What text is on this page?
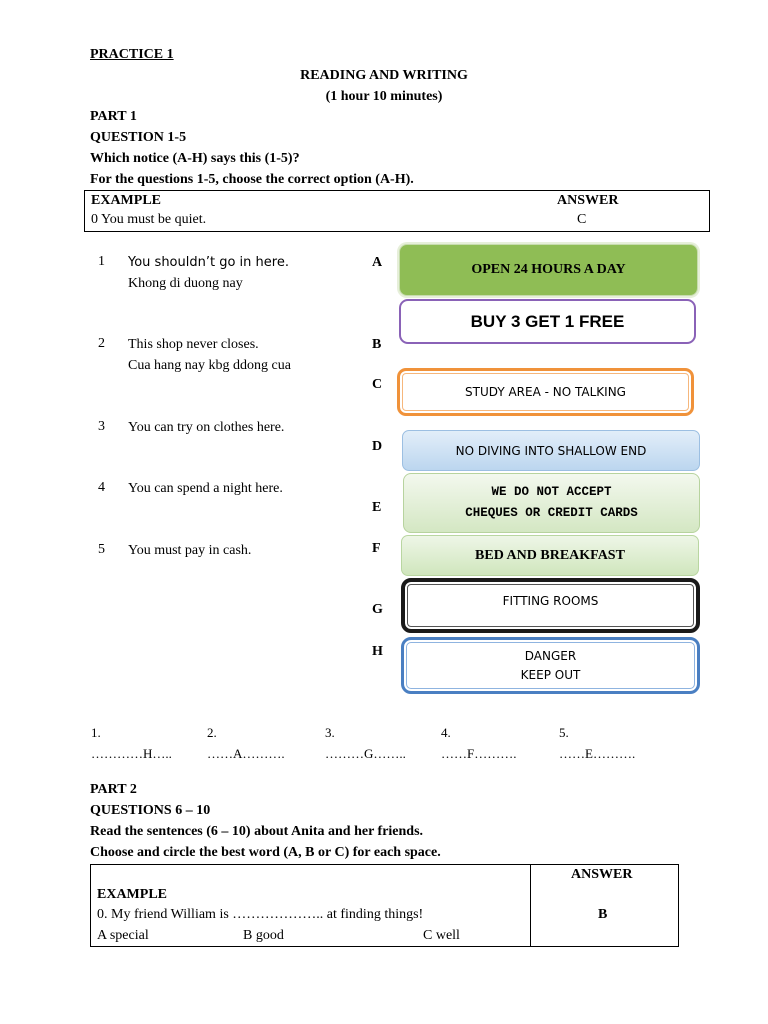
PRACTICE 1
READING AND WRITING
(1 hour 10 minutes)
PART 1
QUESTION 1-5
Which notice (A-H) says this (1-5)?
For the questions 1-5, choose the correct option (A-H).
EXAMPLE	ANSWER
0 You must be quiet.	C
1 You shouldn’t go in here.
Khong di duong nay
2 This shop never closes.
Cua hang nay kbg ddong cua
3 You can try on clothes here.
4 You can spend a night here.
5 You must pay in cash.
A
B
C
D
E
F
G
H
OPEN 24 HOURS A DAY
BUY 3 GET 1 FREE
STUDY AREA - NO TALKING
NO DIVING INTO SHALLOW END
WE DO NOT ACCEPT
CHEQUES OR CREDIT CARDS
BED AND BREAKFAST
FITTING ROOMS
DANGER
KEEP OUT
1.
…………H…..
2.
……A……….
3.
………G……..
4.
……F……….
5.
……E……….
PART 2
QUESTIONS 6 – 10
Read the sentences (6 – 10) about Anita and her friends.
Choose and circle the best word (A, B or C) for each space.
ANSWER
EXAMPLE
0. My friend William is ……………….. at finding things!
A special	B good	C well
B
